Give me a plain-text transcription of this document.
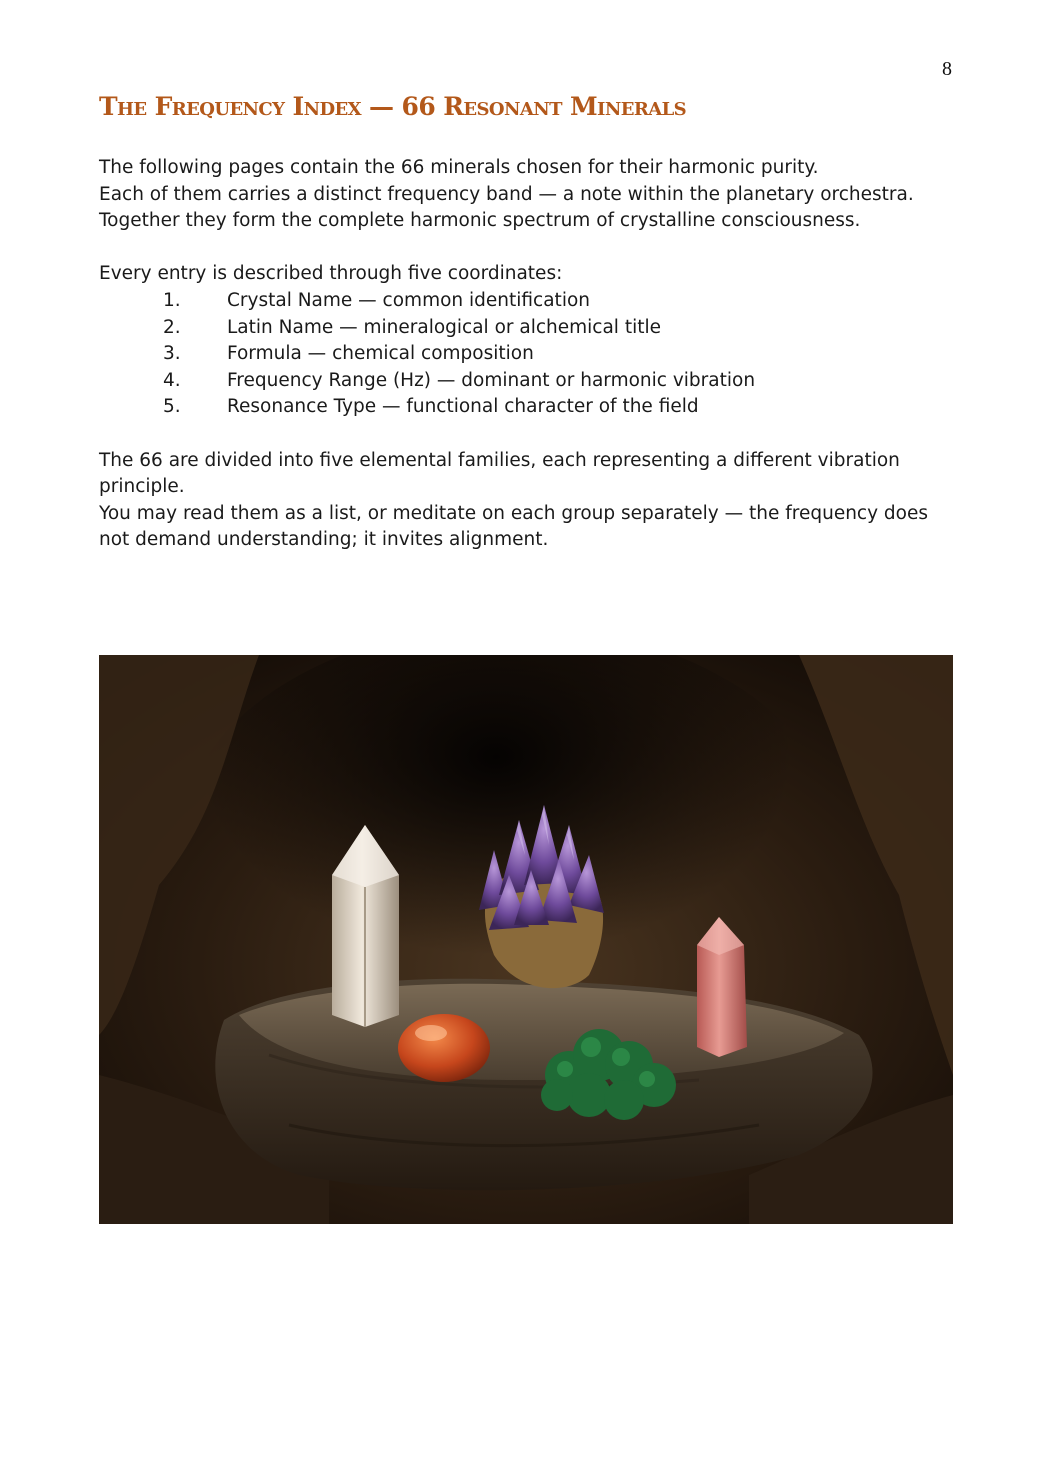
8
The Frequency Index — 66 Resonant Minerals

The following pages contain the 66 minerals chosen for their harmonic purity.

Each of them carries a distinct frequency band — a note within the planetary orchestra.

Together they form the complete harmonic spectrum of crystalline consciousness.

Every entry is described through five coordinates:

1.	Crystal Name — common identification
2.	Latin Name — mineralogical or alchemical title
3.	Formula — chemical composition
4.	Frequency Range (Hz) — dominant or harmonic vibration
5.	Resonance Type — functional character of the field

The 66 are divided into five elemental families, each representing a different vibration principle.

You may read them as a list, or meditate on each group separately — the frequency does not demand understanding; it invites alignment.
